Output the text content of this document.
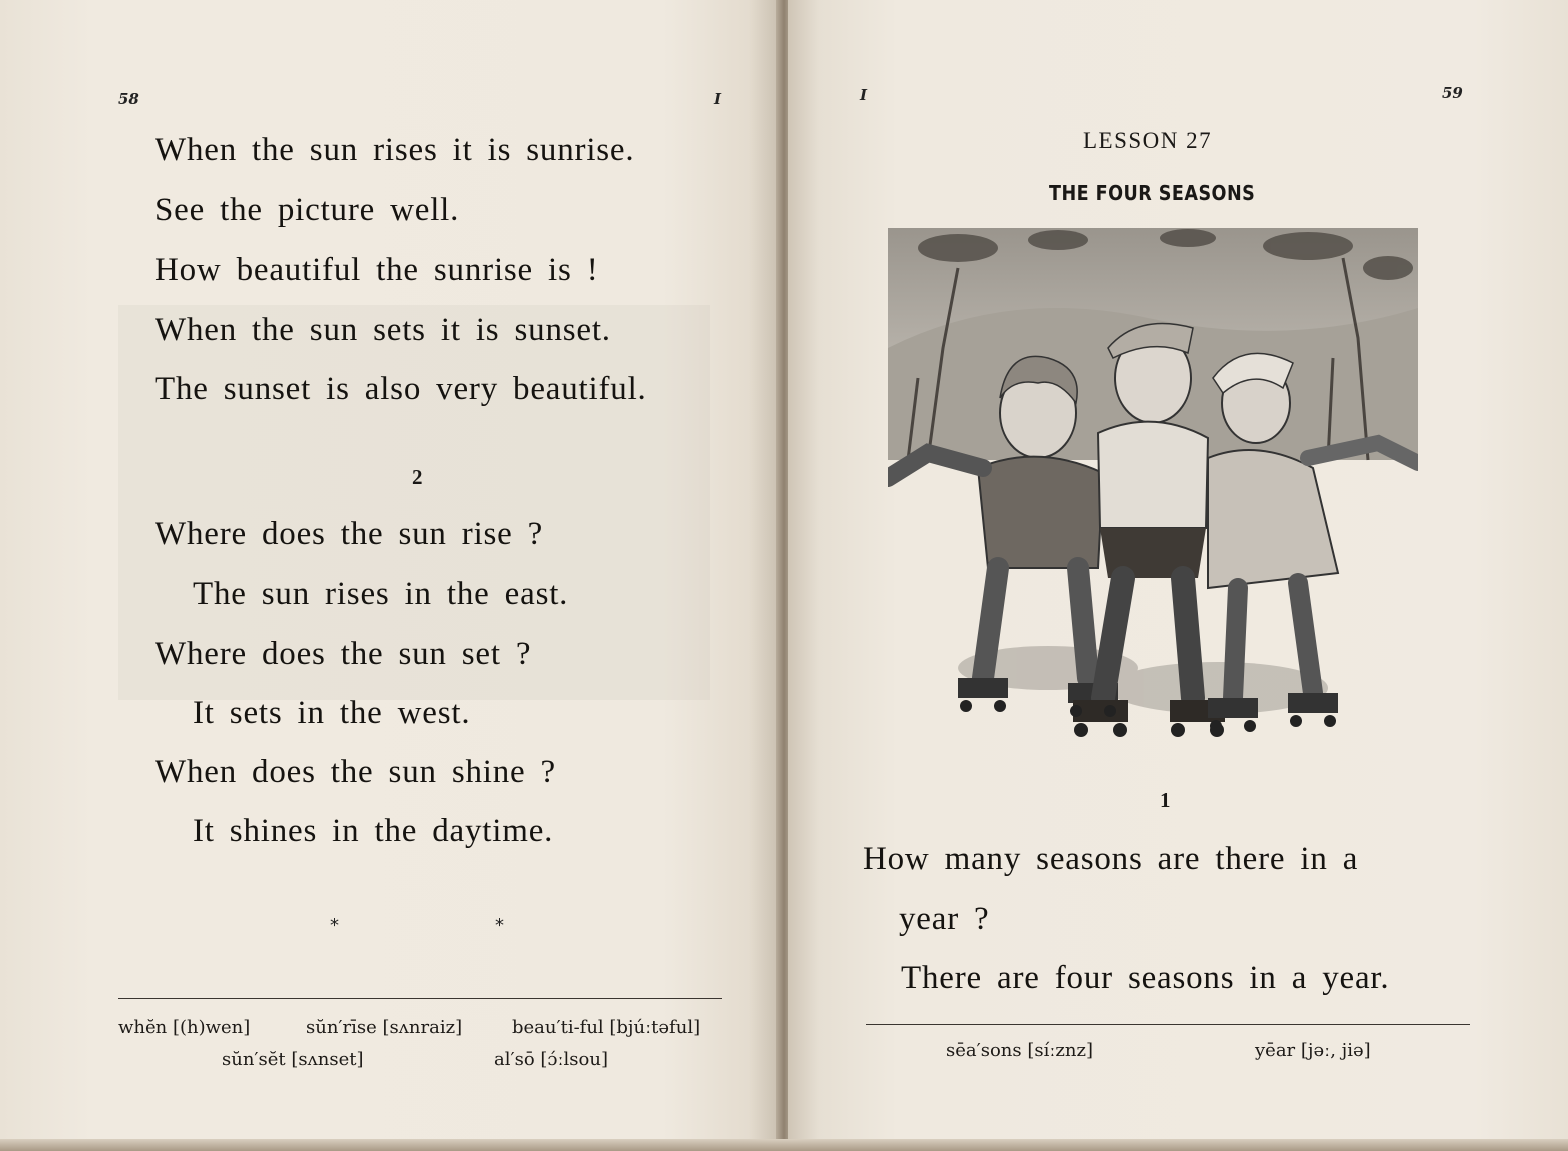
58	I
When the sun rises it is sunrise.
See the picture well.
How beautiful the sunrise is !
When the sun sets it is sunset.
The sunset is also very beautiful.
2
Where does the sun rise ?
The sun rises in the east.
Where does the sun set ?
It sets in the west.
When does the sun shine ?
It shines in the daytime.
*	*
whĕn [(h)wen]	sŭn′rīse [sʌnraiz]	beau′ti-ful [bjúːtəful]
sŭn′sĕt [sʌnset]	al′sō [ɔ́ːlsou]
I	59
LESSON 27
THE FOUR SEASONS
1
How many seasons are there in a
year ?
There are four seasons in a year.
sēa′sons [síːznz]	yēar [jəː, jiə]
